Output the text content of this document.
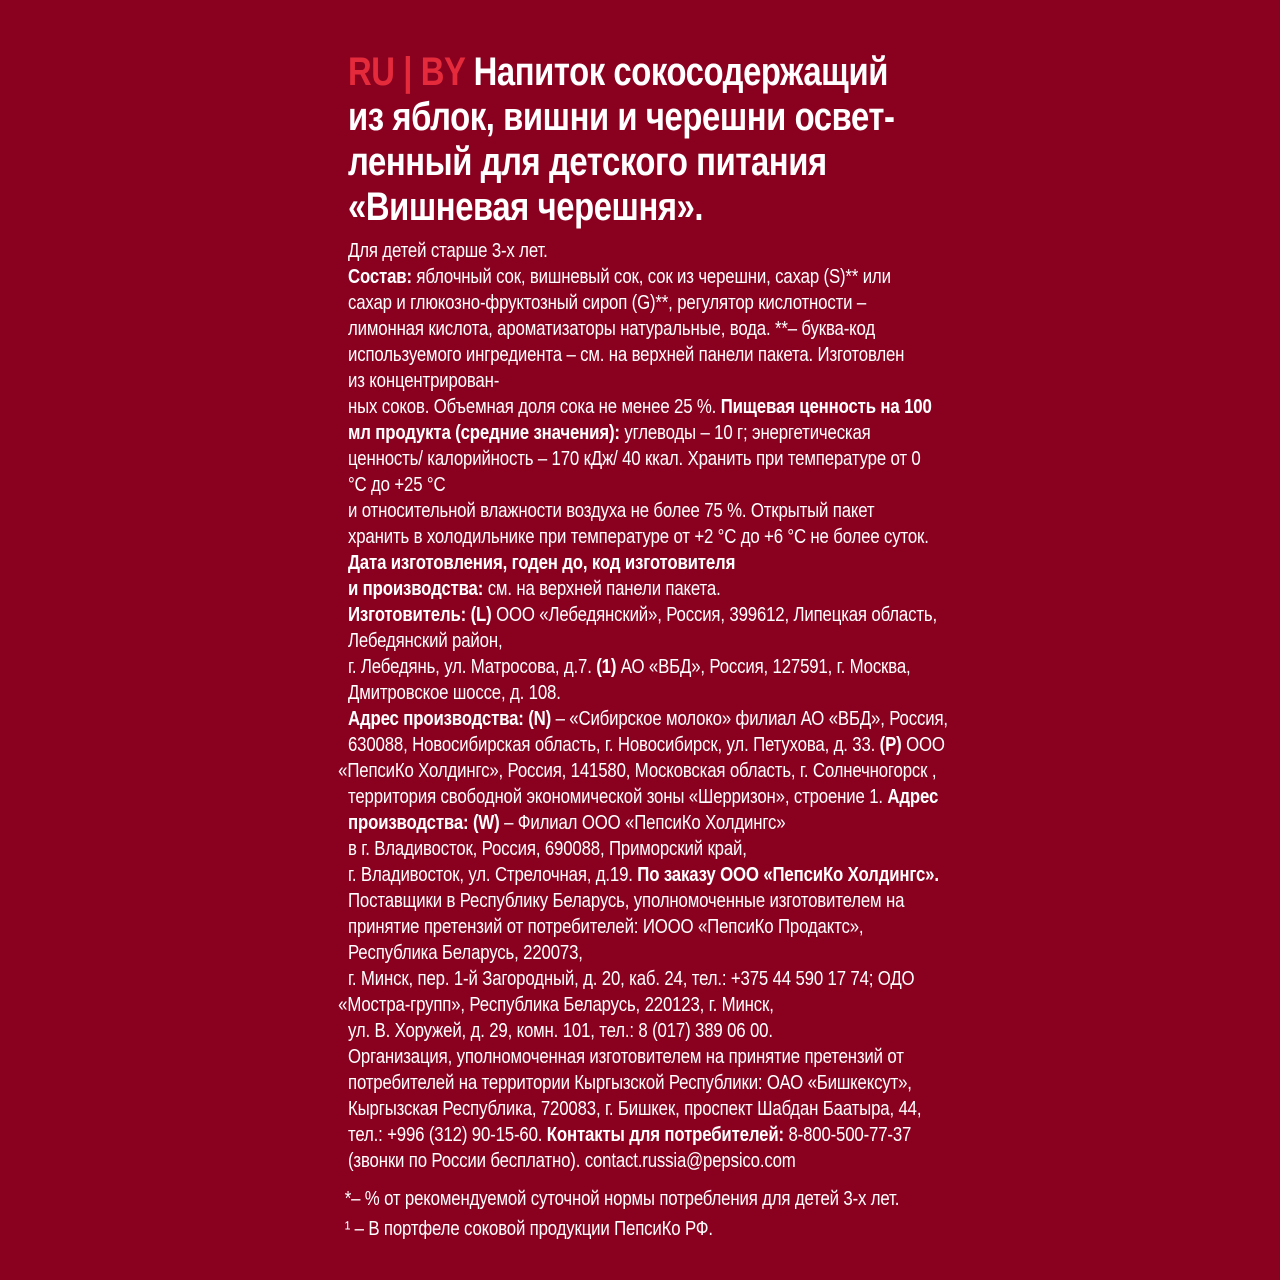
RU | BY Напиток сокосодержащий
из яблок, вишни и черешни освет-
ленный для детского питания
«Вишневая черешня».
Для детей старше 3-х лет.
Состав: яблочный сок, вишневый сок, сок из черешни, сахар (S)** или
сахар и глюкозно-фруктозный сироп (G)**, регулятор кислотности –
лимонная кислота, ароматизаторы натуральные, вода. **– буква-код
используемого ингредиента – см. на верхней панели пакета. Изготовлен
из концентрирован-
ных соков. Объемная доля сока не менее 25 %. Пищевая ценность на 100
мл продукта (средние значения): углеводы – 10 г; энергетическая
ценность/ калорийность – 170 кДж/ 40 ккал. Хранить при температуре от 0
°С до +25 °С
и относительной влажности воздуха не более 75 %. Открытый пакет
хранить в холодильнике при температуре от +2 °С до +6 °С не более суток.
Дата изготовления, годен до, код изготовителя
и производства: см. на верхней панели пакета.
Изготовитель: (L) ООО «Лебедянский», Россия, 399612, Липецкая область,
Лебедянский район,
г. Лебедянь, ул. Матросова, д.7. (1) АО «ВБД», Россия, 127591, г. Москва,
Дмитровское шоссе, д. 108.
Адрес производства: (N) – «Сибирское молоко» филиал АО «ВБД», Россия,
630088, Новосибирская область, г. Новосибирск, ул. Петухова, д. 33. (P) ООО
«ПепсиКо Холдингс», Россия, 141580, Московская область, г. Солнечногорск ,
территория свободной экономической зоны «Шерризон», строение 1. Адрес
производства: (W) – Филиал ООО «ПепсиКо Холдингс»
в г. Владивосток, Россия, 690088, Приморский край,
г. Владивосток, ул. Стрелочная, д.19. По заказу ООО «ПепсиКо Холдингс».
Поставщики в Республику Беларусь, уполномоченные изготовителем на
принятие претензий от потребителей: ИООО «ПепсиКо Продактс»,
Республика Беларусь, 220073,
г. Минск, пер. 1-й Загородный, д. 20, каб. 24, тел.: +375 44 590 17 74; ОДО
«Мостра-групп», Республика Беларусь, 220123, г. Минск,
ул. В. Хоружей, д. 29, комн. 101, тел.: 8 (017) 389 06 00.
Организация, уполномоченная изготовителем на принятие претензий от
потребителей на территории Кыргызской Республики: ОАО «Бишкексут»,
Кыргызская Республика, 720083, г. Бишкек, проспект Шабдан Баатыра, 44,
тел.: +996 (312) 90-15-60. Контакты для потребителей: 8-800-500-77-37
(звонки по России бесплатно). contact.russia@pepsico.com
*– % от рекомендуемой суточной нормы потребления для детей 3-х лет.
¹ – В портфеле соковой продукции ПепсиКо РФ.
